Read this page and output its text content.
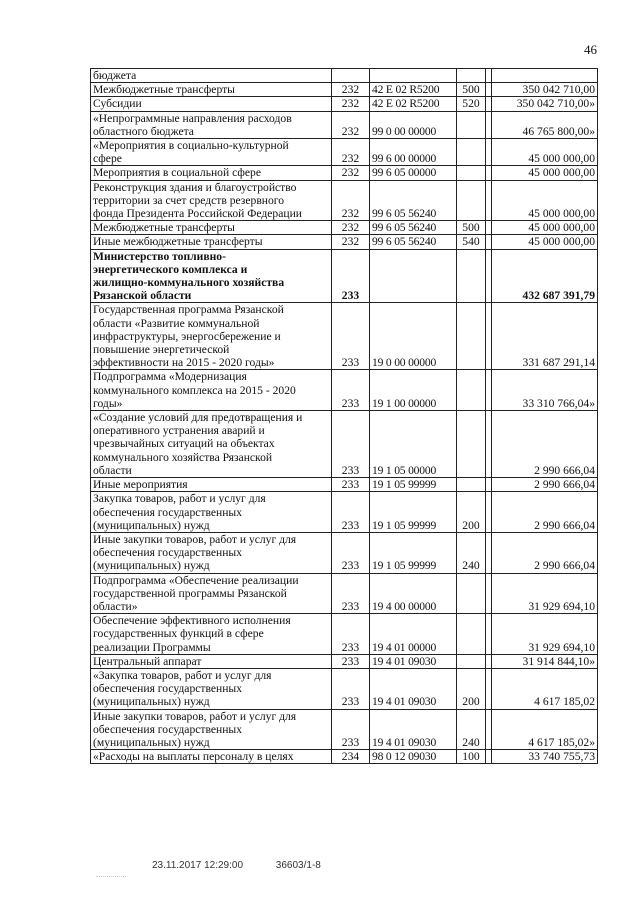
46
бюджета					

Межбюджетные трансферты	232	42 Е 02 R5200	500		350 042 710,00

Субсидии	232	42 Е 02 R5200	520		350 042 710,00»

«Непрограммные направления расходов
областного бюджета	232	99 0 00 00000			46 765 800,00»

«Мероприятия в социально-культурной
сфере	232	99 6 00 00000			45 000 000,00

Мероприятия в социальной сфере	232	99 6 05 00000			45 000 000,00

Реконструкция здания и благоустройство
территории за счет средств резервного
фонда Президента Российской Федерации	232	99 6 05 56240			45 000 000,00

Межбюджетные трансферты	232	99 6 05 56240	500		45 000 000,00

Иные межбюджетные трансферты	232	99 6 05 56240	540		45 000 000,00

Министерство топливно-
энергетического комплекса и
жилищно-коммунального хозяйства
Рязанской области	233				432 687 391,79

Государственная программа Рязанской
области «Развитие коммунальной
инфраструктуры, энергосбережение и
повышение энергетической
эффективности на 2015 - 2020 годы»	233	19 0 00 00000			331 687 291,14

Подпрограмма «Модернизация
коммунального комплекса на 2015 - 2020
годы»	233	19 1 00 00000			33 310 766,04»

«Создание условий для предотвращения и
оперативного устранения аварий и
чрезвычайных ситуаций на объектах
коммунального хозяйства Рязанской
области	233	19 1 05 00000			2 990 666,04

Иные мероприятия	233	19 1 05 99999			2 990 666,04

Закупка товаров, работ и услуг для
обеспечения государственных
(муниципальных) нужд	233	19 1 05 99999	200		2 990 666,04

Иные закупки товаров, работ и услуг для
обеспечения государственных
(муниципальных) нужд	233	19 1 05 99999	240		2 990 666,04

Подпрограмма «Обеспечение реализации
государственной программы Рязанской
области»	233	19 4 00 00000			31 929 694,10

Обеспечение эффективного исполнения
государственных функций в сфере
реализации Программы	233	19 4 01 00000			31 929 694,10

Центральный аппарат	233	19 4 01 09030			31 914 844,10»

«Закупка товаров, работ и услуг для
обеспечения государственных
(муниципальных) нужд	233	19 4 01 09030	200		4 617 185,02

Иные закупки товаров, работ и услуг для
обеспечения государственных
(муниципальных) нужд	233	19 4 01 09030	240		4 617 185,02»

«Расходы на выплаты персоналу в целях	234	98 0 12 09030	100		33 740 755,73
23.11.2017 12:29:00	36603/1-8
